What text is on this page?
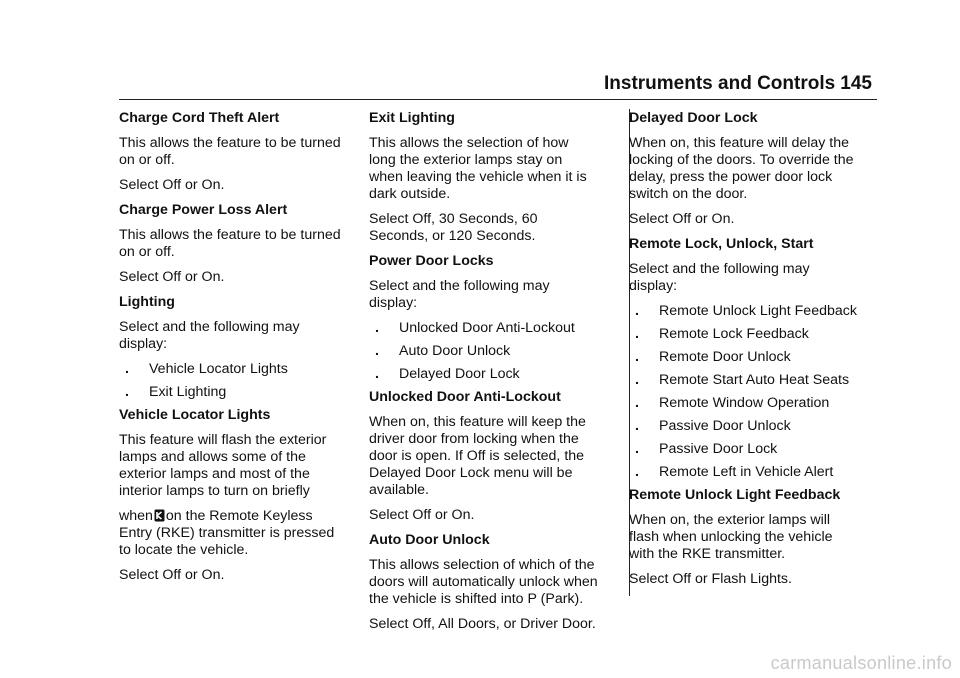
Instruments and Controls 145
Charge Cord Theft Alert

This allows the feature to be turned
on or off.

Select Off or On.

Charge Power Loss Alert

This allows the feature to be turned
on or off.

Select Off or On.

Lighting

Select and the following may
display:

.	Vehicle Locator Lights
.	Exit Lighting
Vehicle Locator Lights

This feature will flash the exterior
lamps and allows some of the
exterior lamps and most of the
interior lamps to turn on briefly

when on the Remote Keyless
Entry (RKE) transmitter is pressed
to locate the vehicle.

Select Off or On.

Exit Lighting

This allows the selection of how
long the exterior lamps stay on
when leaving the vehicle when it is
dark outside.

Select Off, 30 Seconds, 60
Seconds, or 120 Seconds.

Power Door Locks

Select and the following may
display:

.	Unlocked Door Anti-Lockout
.	Auto Door Unlock
.	Delayed Door Lock
Unlocked Door Anti-Lockout

When on, this feature will keep the
driver door from locking when the
door is open. If Off is selected, the
Delayed Door Lock menu will be
available.

Select Off or On.

Auto Door Unlock

This allows selection of which of the
doors will automatically unlock when
the vehicle is shifted into P (Park).

Select Off, All Doors, or Driver Door.

Delayed Door Lock

When on, this feature will delay the
locking of the doors. To override the
delay, press the power door lock
switch on the door.

Select Off or On.

Remote Lock, Unlock, Start

Select and the following may
display:

.	Remote Unlock Light Feedback
.	Remote Lock Feedback
.	Remote Door Unlock
.	Remote Start Auto Heat Seats
.	Remote Window Operation
.	Passive Door Unlock
.	Passive Door Lock
.	Remote Left in Vehicle Alert
Remote Unlock Light Feedback

When on, the exterior lamps will
flash when unlocking the vehicle
with the RKE transmitter.

Select Off or Flash Lights.

carmanualsonline.info
